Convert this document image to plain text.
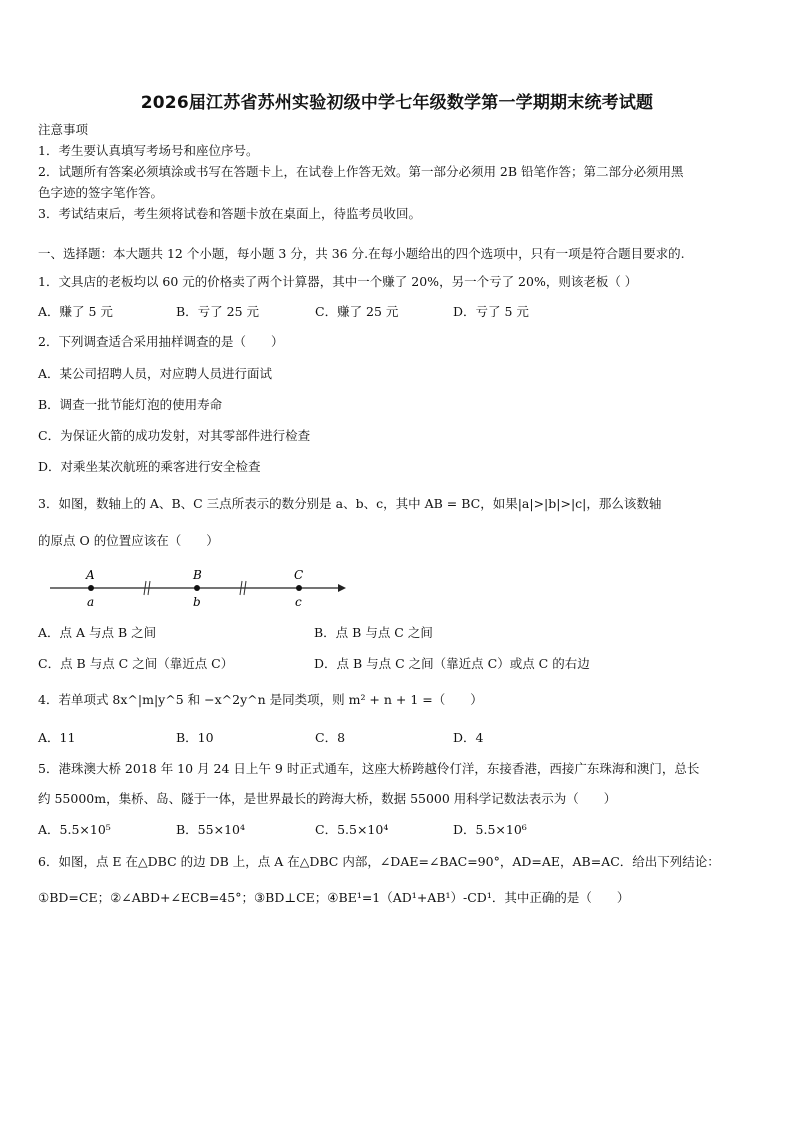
2026届江苏省苏州实验初级中学七年级数学第一学期期末统考试题
注意事项
1．考生要认真填写考场号和座位序号。
2．试题所有答案必须填涂或书写在答题卡上，在试卷上作答无效。第一部分必须用 2B 铅笔作答；第二部分必须用黑
色字迹的签字笔作答。
3．考试结束后，考生须将试卷和答题卡放在桌面上，待监考员收回。
一、选择题：本大题共 12 个小题，每小题 3 分，共 36 分.在每小题给出的四个选项中，只有一项是符合题目要求的.
1．文具店的老板均以 60 元的价格卖了两个计算器，其中一个赚了 20%，另一个亏了 20%，则该老板（ ）
A．赚了 5 元	B．亏了 25 元	C．赚了 25 元	D．亏了 5 元
2．下列调查适合采用抽样调查的是（　　）
A．某公司招聘人员，对应聘人员进行面试
B．调查一批节能灯泡的使用寿命
C．为保证火箭的成功发射，对其零部件进行检查
D．对乘坐某次航班的乘客进行安全检查
3．如图，数轴上的 A、B、C 三点所表示的数分别是 a、b、c，其中 AB = BC，如果|a|>|b|>|c|，那么该数轴
的原点 O 的位置应该在（　　）
A	B	C
a	b	c
A．点 A 与点 B 之间	B．点 B 与点 C 之间
C．点 B 与点 C 之间（靠近点 C）	D．点 B 与点 C 之间（靠近点 C）或点 C 的右边
4．若单项式 8x^|m|y^5 和 −x^2y^n 是同类项，则 m² + n + 1 =（　　）
A．11	B．10	C．8	D．4
5．港珠澳大桥 2018 年 10 月 24 日上午 9 时正式通车，这座大桥跨越伶仃洋，东接香港，西接广东珠海和澳门，总长
约 55000m，集桥、岛、隧于一体，是世界最长的跨海大桥，数据 55000 用科学记数法表示为（　　）
A．5.5×10⁵	B．55×10⁴	C．5.5×10⁴	D．5.5×10⁶
6．如图，点 E 在△DBC 的边 DB 上，点 A 在△DBC 内部，∠DAE=∠BAC=90°，AD=AE，AB=AC．给出下列结论：
①BD=CE；②∠ABD+∠ECB=45°；③BD⊥CE；④BE¹=1（AD¹+AB¹）-CD¹．其中正确的是（　　）
